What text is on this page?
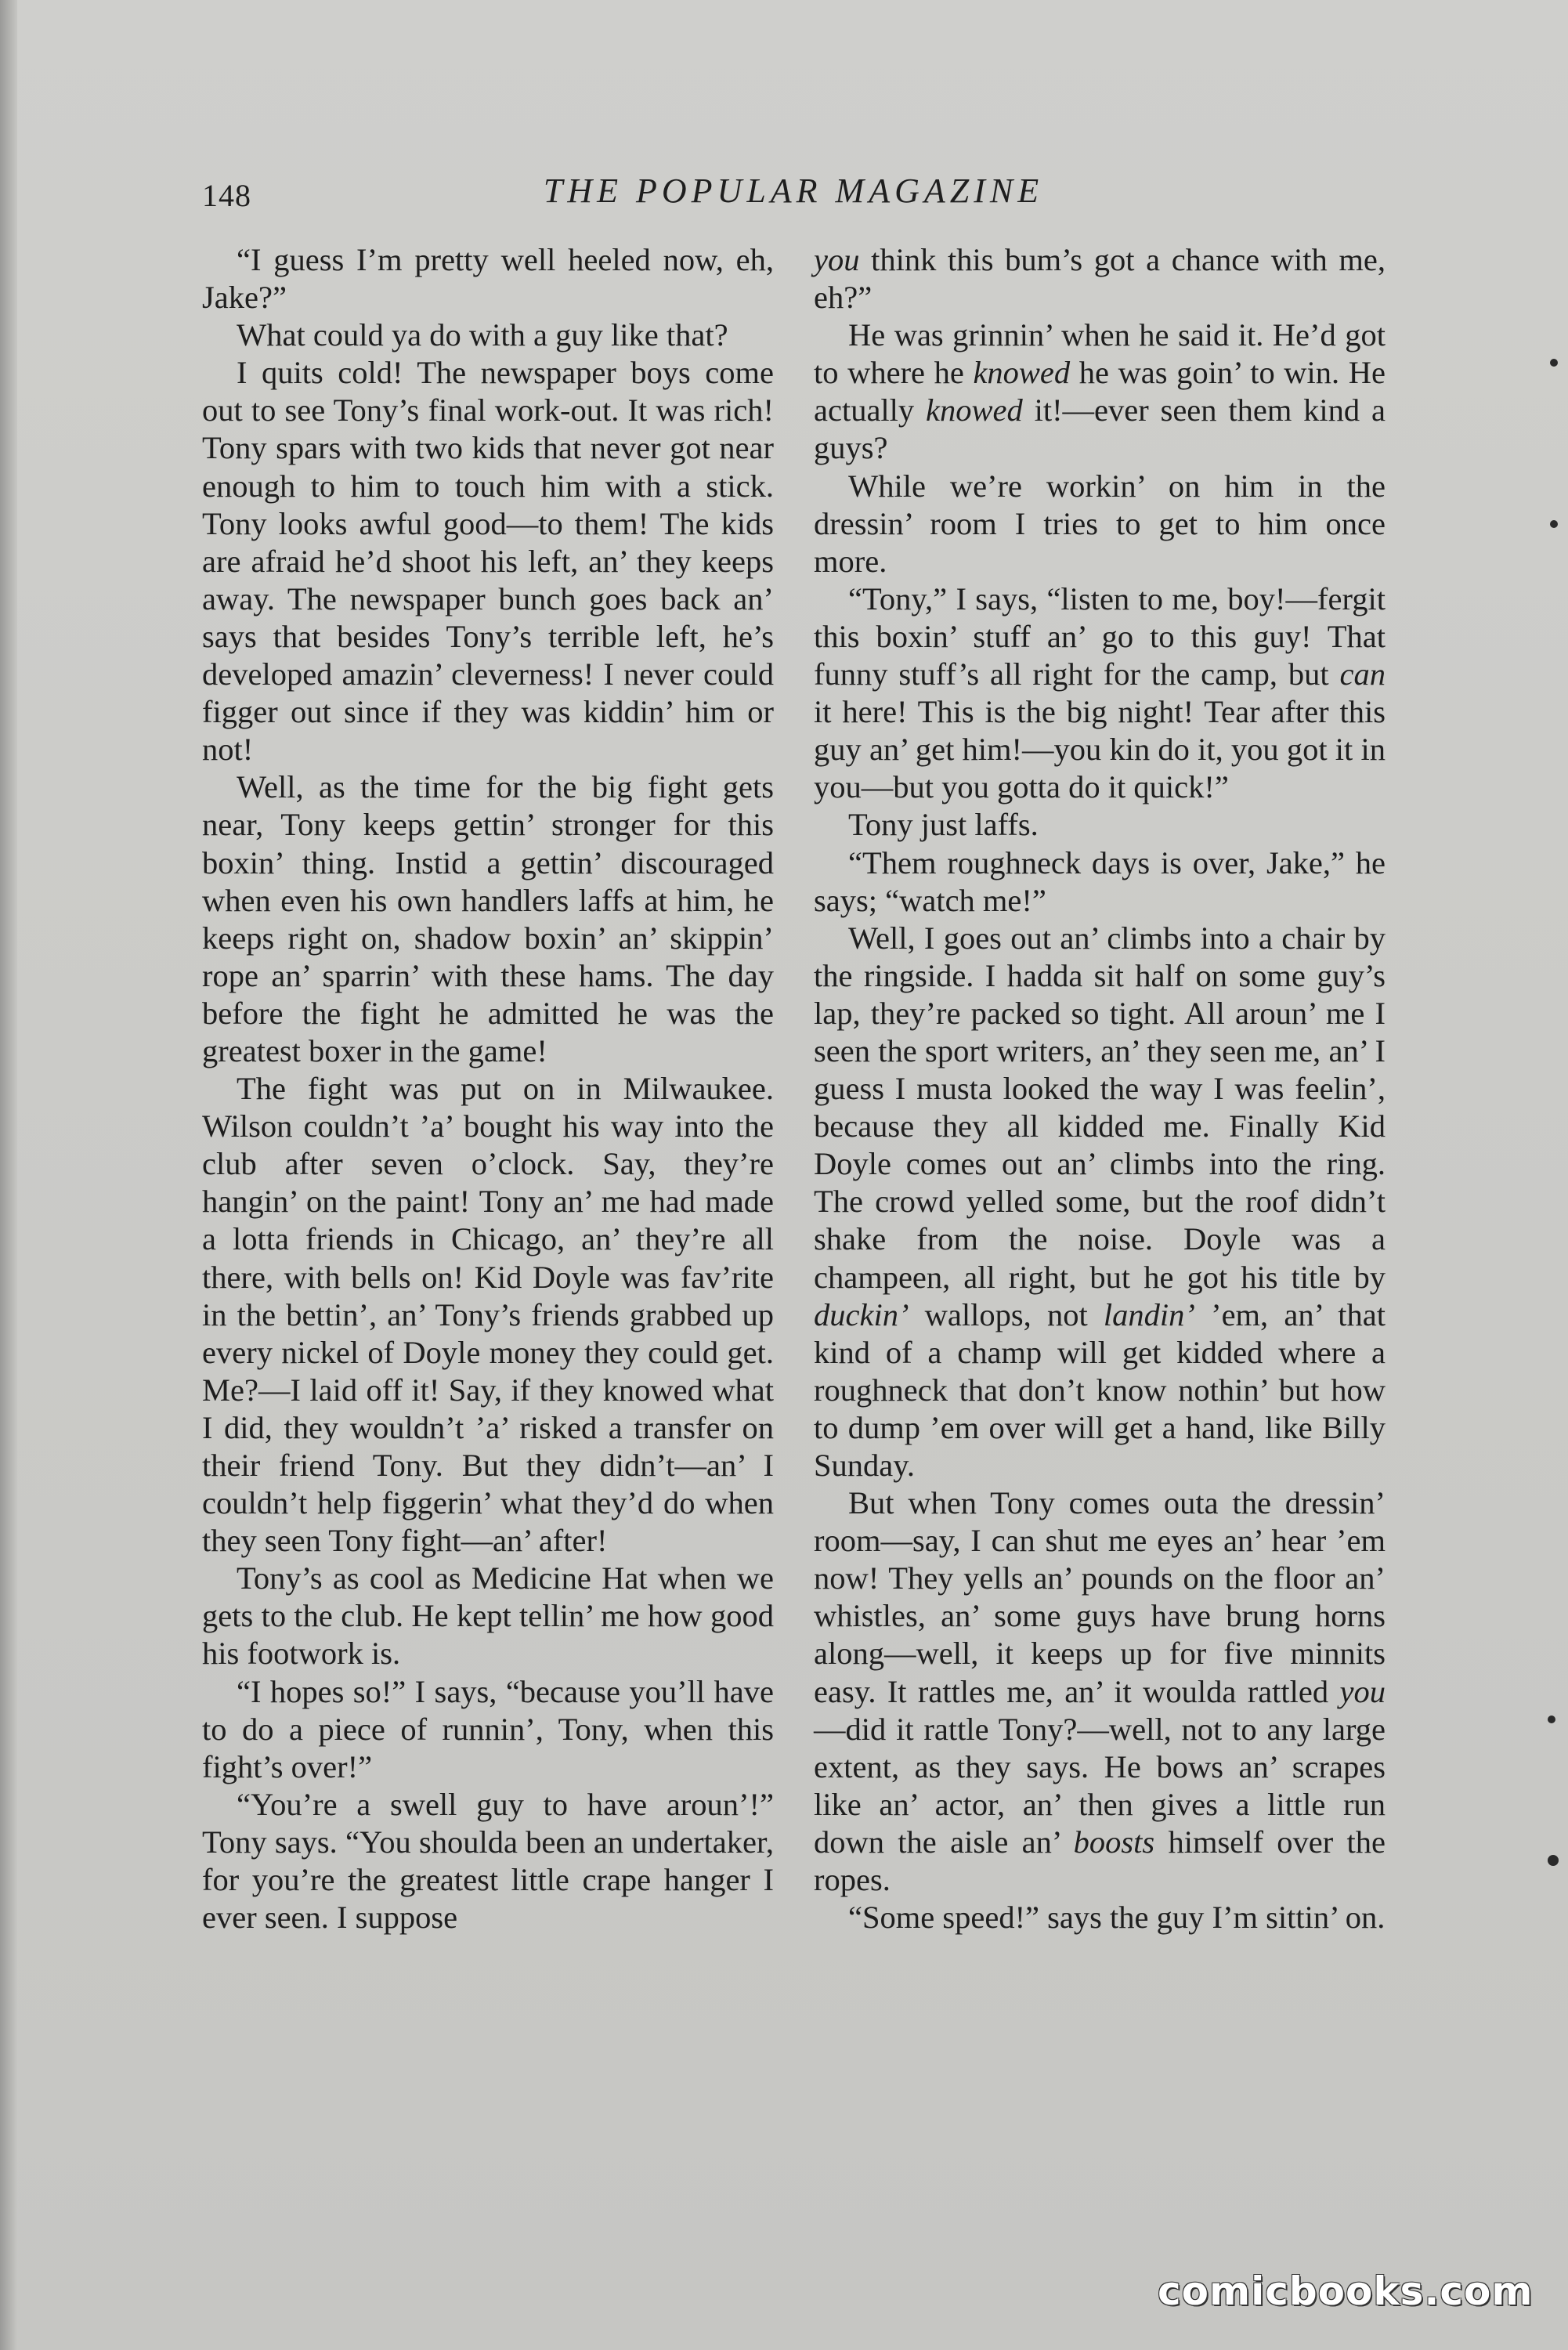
148	THE POPULAR MAGAZINE

“I guess I’m pretty well heeled now, eh, Jake?”

What could ya do with a guy like that?

I quits cold! The newspaper boys come out to see Tony’s final work-out. It was rich! Tony spars with two kids that never got near enough to him to touch him with a stick. Tony looks awful good—to them! The kids are afraid he’d shoot his left, an’ they keeps away. The newspaper bunch goes back an’ says that besides Tony’s terrible left, he’s developed amazin’ cleverness! I never could figger out since if they was kiddin’ him or not!

Well, as the time for the big fight gets near, Tony keeps gettin’ stronger for this boxin’ thing. Instid a gettin’ discouraged when even his own handlers laffs at him, he keeps right on, shadow boxin’ an’ skippin’ rope an’ sparrin’ with these hams. The day before the fight he admitted he was the greatest boxer in the game!

The fight was put on in Milwaukee. Wilson couldn’t ’a’ bought his way into the club after seven o’clock. Say, they’re hangin’ on the paint! Tony an’ me had made a lotta friends in Chicago, an’ they’re all there, with bells on! Kid Doyle was fav’rite in the bettin’, an’ Tony’s friends grabbed up every nickel of Doyle money they could get. Me?—I laid off it! Say, if they knowed what I did, they wouldn’t ’a’ risked a transfer on their friend Tony. But they didn’t—an’ I couldn’t help figgerin’ what they’d do when they seen Tony fight—an’ after!

Tony’s as cool as Medicine Hat when we gets to the club. He kept tellin’ me how good his footwork is.

“I hopes so!” I says, “because you’ll have to do a piece of runnin’, Tony, when this fight’s over!”

“You’re a swell guy to have aroun’!” Tony says. “You shoulda been an undertaker, for you’re the greatest little crape hanger I ever seen. I suppose

you think this bum’s got a chance with me, eh?”

He was grinnin’ when he said it. He’d got to where he knowed he was goin’ to win. He actually knowed it!—ever seen them kind a guys?

While we’re workin’ on him in the dressin’ room I tries to get to him once more.

“Tony,” I says, “listen to me, boy!—fergit this boxin’ stuff an’ go to this guy! That funny stuff’s all right for the camp, but can it here! This is the big night! Tear after this guy an’ get him!—you kin do it, you got it in you—but you gotta do it quick!”

Tony just laffs.

“Them roughneck days is over, Jake,” he says; “watch me!”

Well, I goes out an’ climbs into a chair by the ringside. I hadda sit half on some guy’s lap, they’re packed so tight. All aroun’ me I seen the sport writers, an’ they seen me, an’ I guess I musta looked the way I was feelin’, because they all kidded me. Finally Kid Doyle comes out an’ climbs into the ring. The crowd yelled some, but the roof didn’t shake from the noise. Doyle was a champeen, all right, but he got his title by duckin’ wallops, not landin’ ’em, an’ that kind of a champ will get kidded where a roughneck that don’t know nothin’ but how to dump ’em over will get a hand, like Billy Sunday.

But when Tony comes outa the dressin’ room—say, I can shut me eyes an’ hear ’em now! They yells an’ pounds on the floor an’ whistles, an’ some guys have brung horns along—well, it keeps up for five minnits easy. It rattles me, an’ it woulda rattled you —did it rattle Tony?—well, not to any large extent, as they says. He bows an’ scrapes like an’ actor, an’ then gives a little run down the aisle an’ boosts himself over the ropes.

“Some speed!” says the guy I’m sittin’ on.

comicbooks.com
